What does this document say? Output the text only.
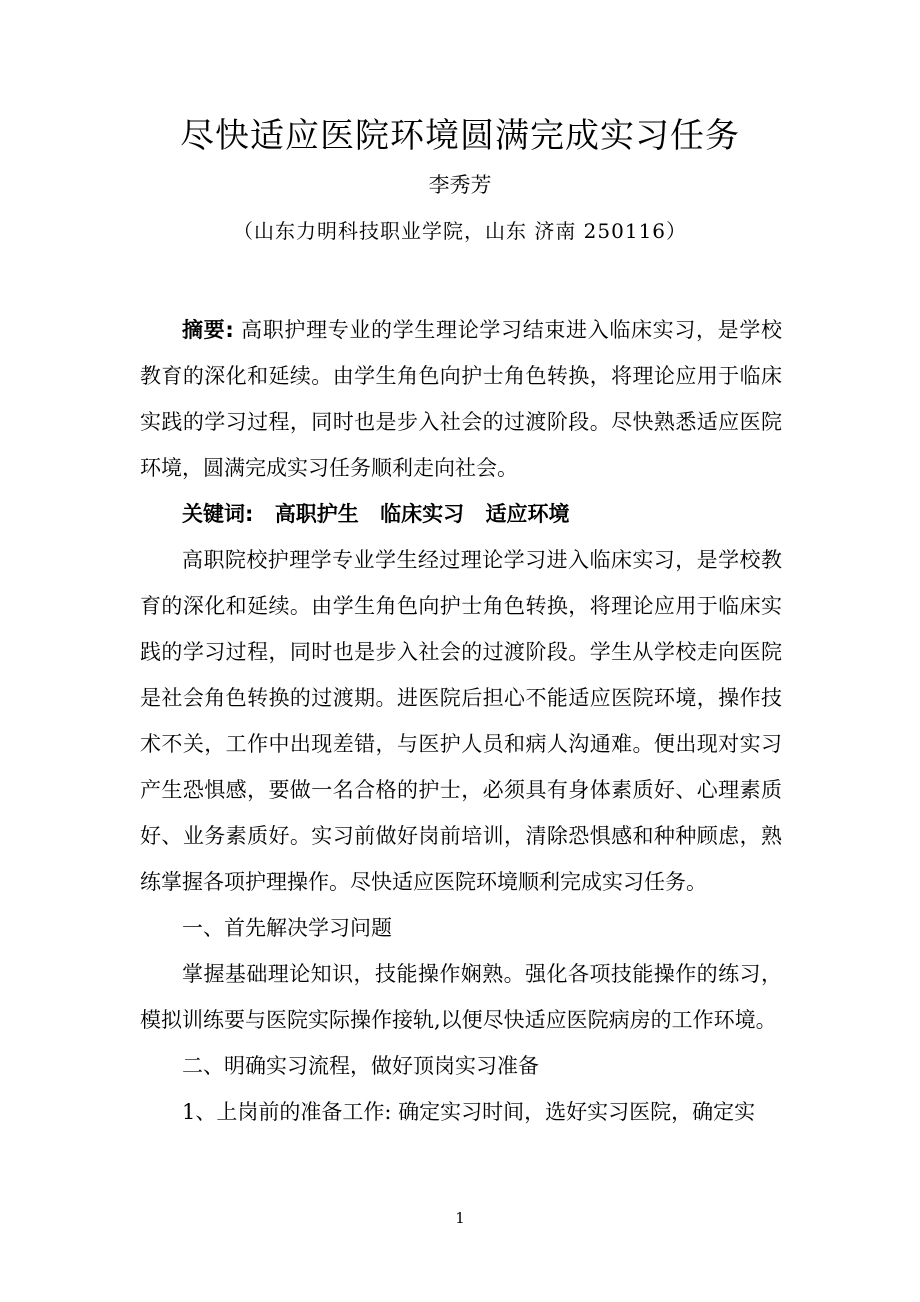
尽快适应医院环境圆满完成实习任务
李秀芳
（山东力明科技职业学院，山东 济南 250116）

摘要: 高职护理专业的学生理论学习结束进入临床实习，是学校教育的深化和延续。由学生角色向护士角色转换，将理论应用于临床实践的学习过程，同时也是步入社会的过渡阶段。尽快熟悉适应医院环境，圆满完成实习任务顺利走向社会。

关键词: 高职护生 临床实习 适应环境

高职院校护理学专业学生经过理论学习进入临床实习，是学校教育的深化和延续。由学生角色向护士角色转换，将理论应用于临床实践的学习过程，同时也是步入社会的过渡阶段。学生从学校走向医院是社会角色转换的过渡期。进医院后担心不能适应医院环境，操作技术不关，工作中出现差错，与医护人员和病人沟通难。便出现对实习产生恐惧感，要做一名合格的护士，必须具有身体素质好、心理素质好、业务素质好。实习前做好岗前培训，清除恐惧感和种种顾虑，熟练掌握各项护理操作。尽快适应医院环境顺利完成实习任务。

一、首先解决学习问题

掌握基础理论知识，技能操作娴熟。强化各项技能操作的练习，模拟训练要与医院实际操作接轨,以便尽快适应医院病房的工作环境。

二、明确实习流程，做好顶岗实习准备

1、上岗前的准备工作: 确定实习时间，选好实习医院，确定实

1
